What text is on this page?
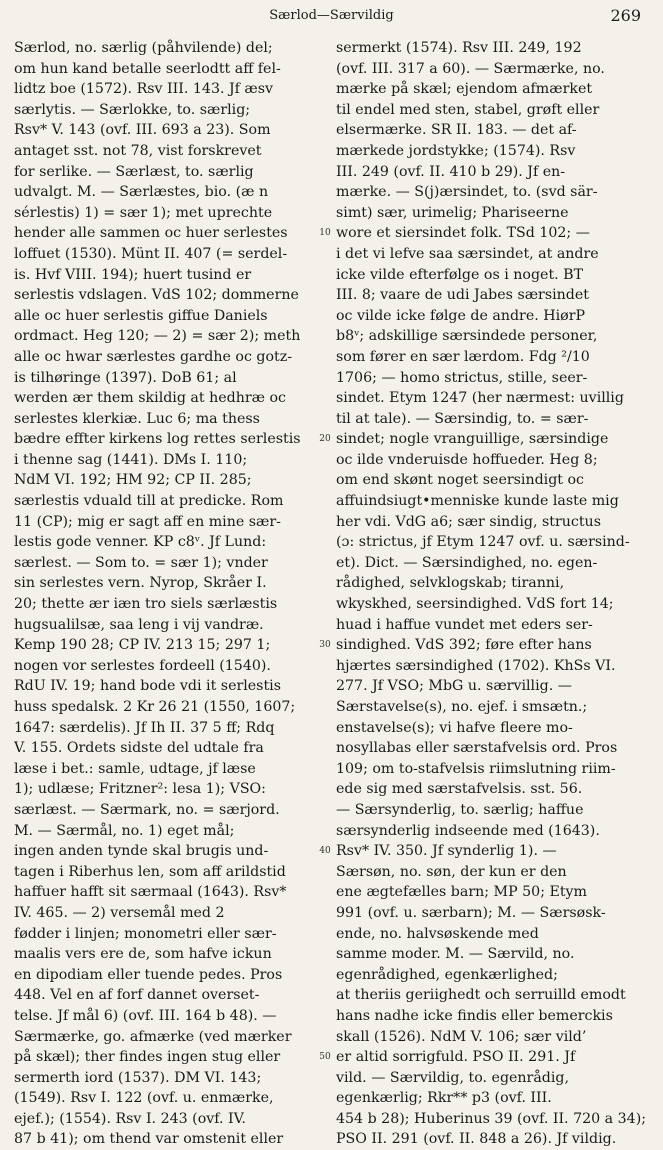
Særlod—Særvildig	269
Særlod, no. særlig (påhvilende) del;
om hun kand betalle seerlodtt aff fel-
lidtz boe (1572). Rsv III. 143. Jf æsv
særlytis. — Særlokke, to. særlig;
Rsv* V. 143 (ovf. III. 693 a 23). Som
antaget sst. not 78, vist forskrevet
for serlike. — Særlæst, to. særlig
udvalgt. M. — Særlæstes, bio. (æ n
sérlestis) 1) = sær 1); met uprechte
hender alle sammen oc huer serlestes
loffuet (1530). Münt II. 407 (= serdel-
is. Hvf VIII. 194); huert tusind er
serlestis vdslagen. VdS 102; dommerne
alle oc huer serlestis giffue Daniels
ordmact. Heg 120; — 2) = sær 2); meth
alle oc hwar særlestes gardhe oc gotz-
is tilhøringe (1397). DoB 61; al
werden ær them skildig at hedhræ oc
serlestes klerkiæ. Luc 6; ma thess
bædre effter kirkens log rettes serlestis
i thenne sag (1441). DMs I. 110;
NdM VI. 192; HM 92; CP II. 285;
særlestis vduald till at predicke. Rom
11 (CP); mig er sagt aff en mine sær-
lestis gode venner. KP c8ᵛ. Jf Lund:
særlest. — Som to. = sær 1); vnder
sin serlestes vern. Nyrop, Skråer I.
20; thette ær iæn tro siels særlæstis
hugsualilsæ, saa leng i vij vandræ.
Kemp 190 28; CP IV. 213 15; 297 1;
nogen vor serlestes fordeell (1540).
RdU IV. 19; hand bode vdi it serlestis
huss spedalsk. 2 Kr 26 21 (1550, 1607;
1647: særdelis). Jf Ih II. 37 5 ff; Rdq
V. 155. Ordets sidste del udtale fra
læse i bet.: samle, udtage, jf læse
1); udlæse; Fritzner²: lesa 1); VSO:
særlæst. — Særmark, no. = særjord.
M. — Særmål, no. 1) eget mål;
ingen anden tynde skal brugis und-
tagen i Riberhus len, som aff arildstid
haffuer hafft sit særmaal (1643). Rsv*
IV. 465. — 2) versemål med 2
fødder i linjen; monometri eller sær-
maalis vers ere de, som hafve ickun
en dipodiam eller tuende pedes. Pros
448. Vel en af forf dannet overset-
telse. Jf mål 6) (ovf. III. 164 b 48). —
Særmærke, go. afmærke (ved mærker
på skæl); ther findes ingen stug eller
sermerth iord (1537). DM VI. 143;
(1549). Rsv I. 122 (ovf. u. enmærke,
ejef.); (1554). Rsv I. 243 (ovf. IV.
87 b 41); om thend var omstenit eller
10
20
30
40
50
sermerkt (1574). Rsv III. 249, 192
(ovf. III. 317 a 60). — Særmærke, no.
mærke på skæl; ejendom afmærket
til endel med sten, stabel, grøft eller
elsermærke. SR II. 183. — det af-
mærkede jordstykke; (1574). Rsv
III. 249 (ovf. II. 410 b 29). Jf en-
mærke. — S(j)ærsindet, to. (svd sär-
simt) sær, urimelig; Phariseerne
wore et siersindet folk. TSd 102; —
i det vi lefve saa særsindet, at andre
icke vilde efterfølge os i noget. BT
III. 8; vaare de udi Jabes særsindet
oc vilde icke følge de andre. HiørP
b8ᵛ; adskillige særsindede personer,
som fører en sær lærdom. Fdg ²/10
1706; — homo strictus, stille, seer-
sindet. Etym 1247 (her nærmest: uvillig
til at tale). — Særsindig, to. = sær-
sindet; nogle vranguillige, særsindige
oc ilde vnderuisde hoffueder. Heg 8;
om end skønt noget seersindigt oc
affuindsiugt•menniske kunde laste mig
her vdi. VdG a6; sær sindig, structus
(ɔ: strictus, jf Etym 1247 ovf. u. særsind-
et). Dict. — Særsindighed, no. egen-
rådighed, selvklogskab; tiranni,
wkyskhed, seersindighed. VdS fort 14;
huad i haffue vundet met eders ser-
sindighed. VdS 392; føre efter hans
hjærtes særsindighed (1702). KhSs VI.
277. Jf VSO; MbG u. særvillig. —
Særstavelse(s), no. ejef. i smsætn.;
enstavelse(s); vi hafve fleere mo-
nosyllabas eller særstafvelsis ord. Pros
109; om to-stafvelsis riimslutning riim-
ede sig med særstafvelsis. sst. 56.
— Særsynderlig, to. særlig; haffue
særsynderlig indseende med (1643).
Rsv* IV. 350. Jf synderlig 1). —
Særsøn, no. søn, der kun er den
ene ægtefælles barn; MP 50; Etym
991 (ovf. u. særbarn); M. — Særsøsk-
ende, no. halvsøskende med
samme moder. M. — Særvild, no.
egenrådighed, egenkærlighed;
at theriis geriighedt och serruilld emodt
hans nadhe icke findis eller bemerckis
skall (1526). NdM V. 106; sær vild’
er altid sorrigfuld. PSO II. 291. Jf
vild. — Særvildig, to. egenrådig,
egenkærlig; Rkr** p3 (ovf. III.
454 b 28); Huberinus 39 (ovf. II. 720 a 34);
PSO II. 291 (ovf. II. 848 a 26). Jf vildig.
